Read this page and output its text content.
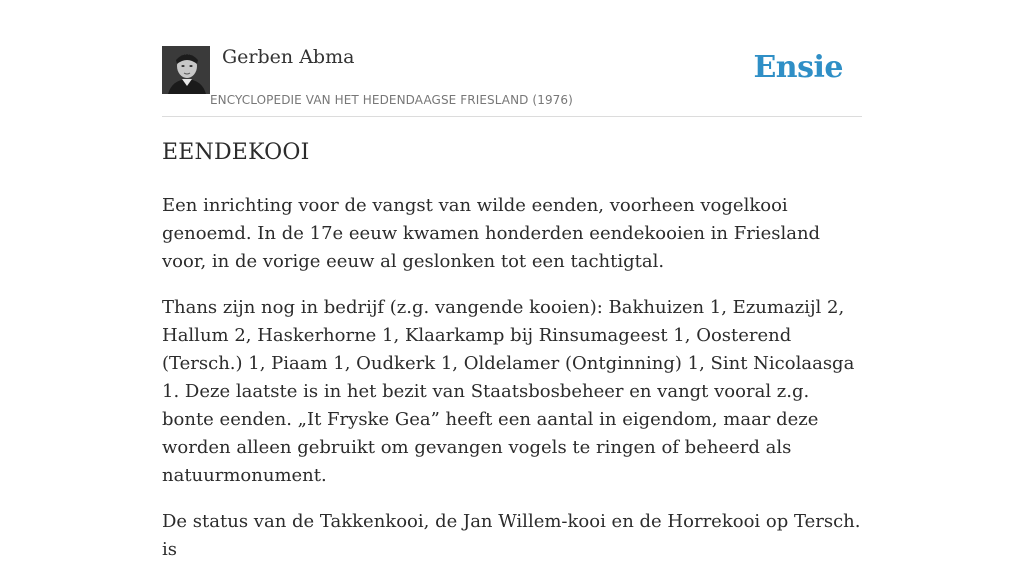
Gerben Abma
ENCYCLOPEDIE VAN HET HEDENDAAGSE FRIESLAND (1976)
Ensie
EENDEKOOI

Een inrichting voor de vangst van wilde eenden, voorheen vogelkooi genoemd. In de 17e eeuw kwamen honderden eendekooien in Friesland voor, in de vorige eeuw al geslonken tot een tachtigtal.

Thans zijn nog in bedrijf (z.g. vangende kooien): Bakhuizen 1, Ezumazijl 2, Hallum 2, Haskerhorne 1, Klaarkamp bij Rinsumageest 1, Oosterend (Tersch.) 1, Piaam 1, Oudkerk 1, Oldelamer (Ontginning) 1, Sint Nicolaasga 1. Deze laatste is in het bezit van Staatsbosbeheer en vangt vooral z.g. bonte eenden. „It Fryske Gea” heeft een aantal in eigendom, maar deze worden alleen gebruikt om gevangen vogels te ringen of beheerd als natuurmonument.

De status van de Takkenkooi, de Jan Willem-kooi en de Horrekooi op Tersch. is
